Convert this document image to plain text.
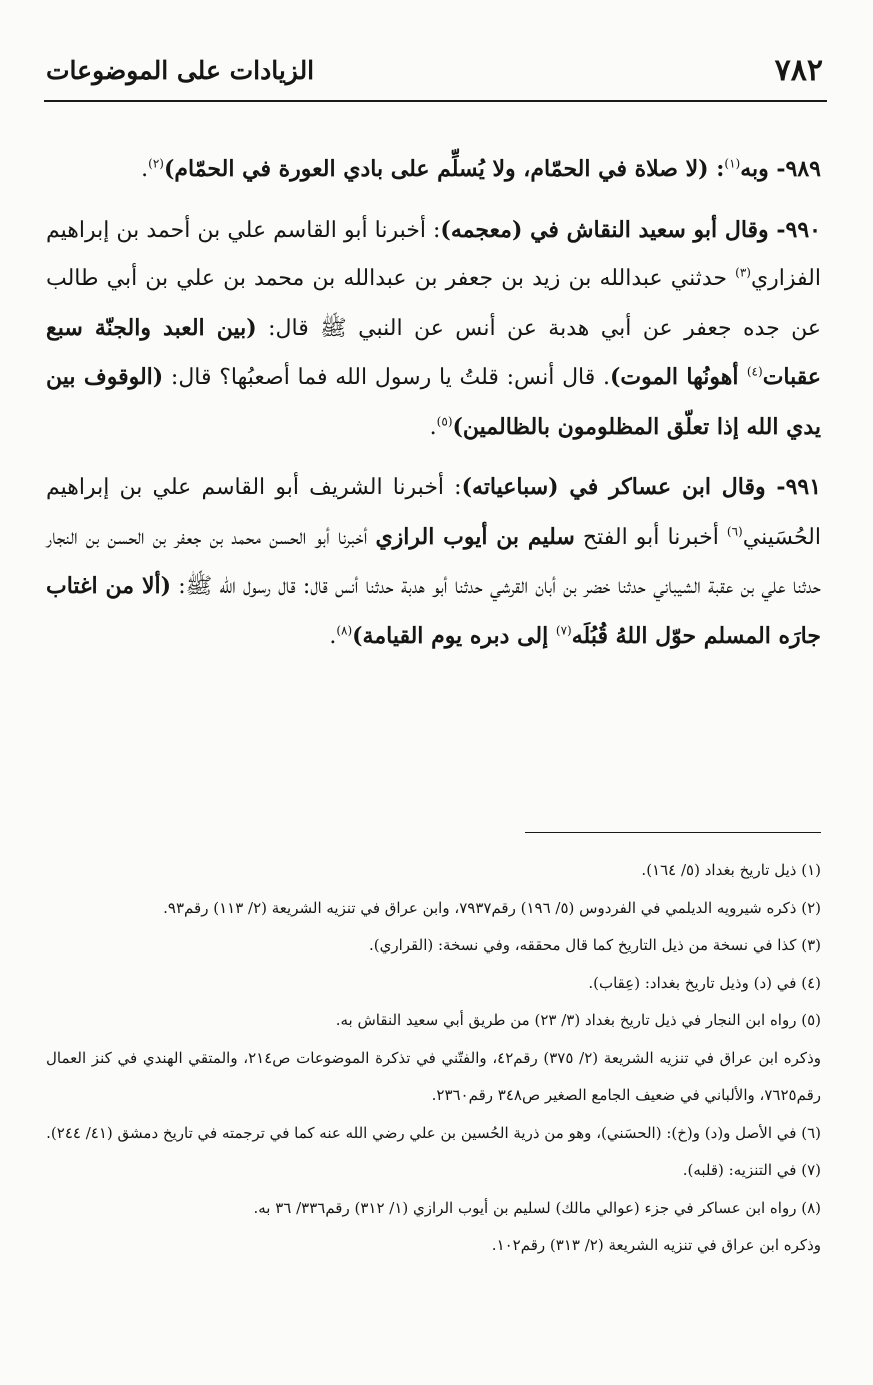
٧٨٢
الزيادات على الموضوعات

٩٨٩- وبه$^{(١)}$: (لا صلاة في الحمّام، ولا يُسلِّم على بادي العورة في الحمّام)$^{(٢)}$.

٩٩٠- وقال أبو سعيد النقاش في (معجمه): أخبرنا أبو القاسم علي بن أحمد بن إبراهيم الفزاري$^{(٣)}$ حدثني عبدالله بن زيد بن جعفر بن عبدالله بن محمد بن علي بن أبي طالب عن جده جعفر عن أبي هدبة عن أنس عن النبي ﷺ قال: (بين العبد والجنّة سبع عقبات$^{(٤)}$ أهونُها الموت). قال أنس: قلتُ يا رسول الله فما أصعبُها؟ قال: (الوقوف بين يدي الله إذا تعلّق المظلومون بالظالمين)$^{(٥)}$.

٩٩١- وقال ابن عساكر في (سباعياته): أخبرنا الشريف أبو القاسم علي بن إبراهيم الحُسَيني$^{(٦)}$ أخبرنا أبو الفتح سليم بن أيوب الرازي أخبرنا أبو الحسن محمد بن جعفر بن الحسن بن النجار حدثنا علي بن عقبة الشيباني حدثنا خضر بن أبان القرشي حدثنا أبو هدبة حدثنا أنس قال: قال رسول الله ﷺ: (ألا من اغتاب جارَه المسلم حوّل اللهُ قُبُلَه$^{(٧)}$ إلى دبره يوم القيامة)$^{(٨)}$.

(١) ذيل تاريخ بغداد (٥/ ١٦٤).

(٢) ذكره شيرويه الديلمي في الفردوس (٥/ ١٩٦) رقم٧٩٣٧، وابن عراق في تنزيه الشريعة (٢/ ١١٣) رقم٩٣.

(٣) كذا في نسخة من ذيل التاريخ كما قال محققه، وفي نسخة: (القراري).

(٤) في (د) وذيل تاريخ بغداد: (عِقاب).

(٥) رواه ابن النجار في ذيل تاريخ بغداد (٣/ ٢٣) من طريق أبي سعيد النقاش به.

وذكره ابن عراق في تنزيه الشريعة (٢/ ٣٧٥) رقم٤٢، والفتّني في تذكرة الموضوعات ص٢١٤، والمتقي الهندي في كنز العمال رقم٧٦٢٥، والألباني في ضعيف الجامع الصغير ص٣٤٨ رقم٢٣٦٠.

(٦) في الأصل و(د) و(خ): (الحسَني)، وهو من ذرية الحُسين بن علي رضي الله عنه كما في ترجمته في تاريخ دمشق (٤١/ ٢٤٤).

(٧) في التنزيه: (قلبه).

(٨) رواه ابن عساكر في جزء (عوالي مالك) لسليم بن أيوب الرازي (١/ ٣١٢) رقم٣٣٦/ ٣٦ به.

وذكره ابن عراق في تنزيه الشريعة (٢/ ٣١٣) رقم١٠٢.
